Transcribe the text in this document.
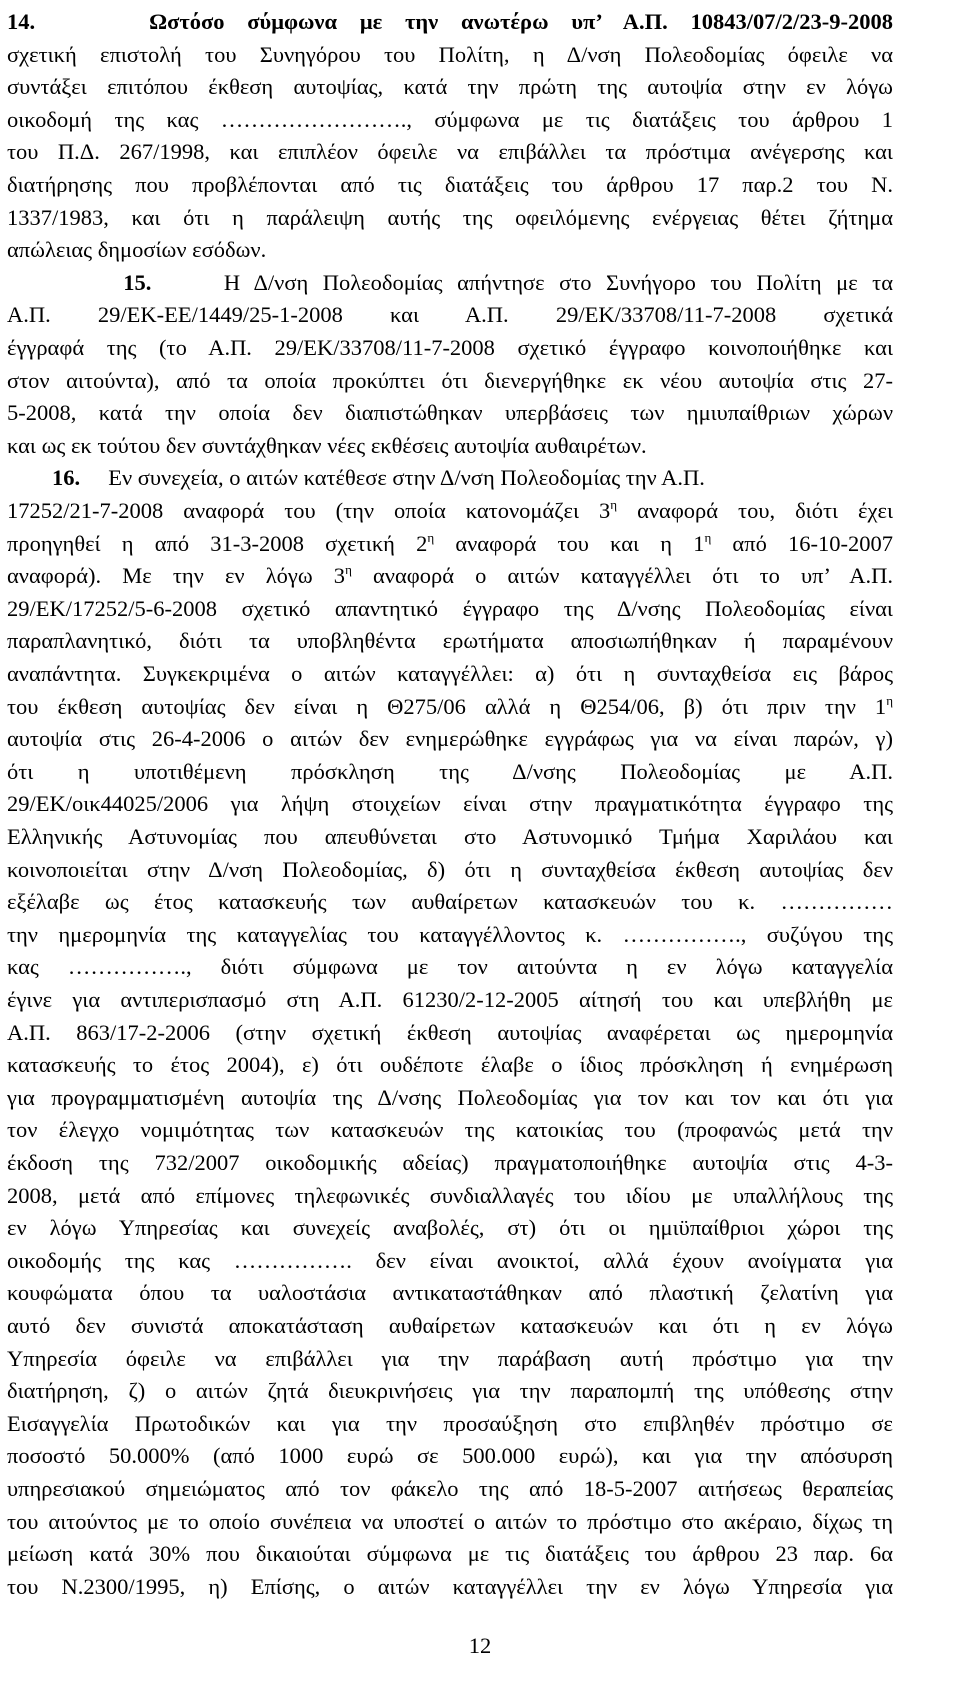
14.     Ωστόσο σύμφωνα με την ανωτέρω υπ’ Α.Π. 10843/07/2/23-9-2008
σχετική επιστολή του Συνηγόρου του Πολίτη, η Δ/νση Πολεοδομίας όφειλε να
συντάξει επιτόπου έκθεση αυτοψίας, κατά την πρώτη της αυτοψία στην εν λόγω
οικοδομή της κας ……………………., σύμφωνα με τις διατάξεις του άρθρου 1
του Π.Δ. 267/1998, και επιπλέον όφειλε να επιβάλλει τα πρόστιμα ανέγερσης και
διατήρησης που προβλέπονται από τις διατάξεις του άρθρου 17 παρ.2 του Ν.
1337/1983, και ότι η παράλειψη αυτής της οφειλόμενης ενέργειας θέτει ζήτημα
απώλειας δημοσίων εσόδων.
15.     Η Δ/νση Πολεοδομίας απήντησε στο Συνήγορο του Πολίτη με τα
Α.Π. 29/ΕΚ-ΕΕ/1449/25-1-2008 και Α.Π. 29/ΕΚ/33708/11-7-2008 σχετικά
έγγραφά της (το Α.Π. 29/ΕΚ/33708/11-7-2008 σχετικό έγγραφο κοινοποιήθηκε και
στον αιτούντα), από τα οποία προκύπτει ότι διενεργήθηκε εκ νέου αυτοψία στις 27-
5-2008, κατά την οποία δεν διαπιστώθηκαν υπερβάσεις των ημιυπαίθριων χώρων
και ως εκ τούτου δεν συντάχθηκαν νέες εκθέσεις αυτοψία αυθαιρέτων.
16.     Εν συνεχεία, ο αιτών κατέθεσε στην Δ/νση Πολεοδομίας την Α.Π.
17252/21-7-2008 αναφορά του (την οποία κατονομάζει $3^\eta$ αναφορά του, διότι έχει
προηγηθεί η από 31-3-2008 σχετική $2^\eta$ αναφορά του και η $1^\eta$ από 16-10-2007
αναφορά). Με την εν λόγω $3^\eta$ αναφορά ο αιτών καταγγέλλει ότι το υπ’ Α.Π.
29/ΕΚ/17252/5-6-2008 σχετικό απαντητικό έγγραφο της Δ/νσης Πολεοδομίας είναι
παραπλανητικό, διότι τα υποβληθέντα ερωτήματα αποσιωπήθηκαν ή παραμένουν
αναπάντητα. Συγκεκριμένα ο αιτών καταγγέλλει: α) ότι η συνταχθείσα εις βάρος
του έκθεση αυτοψίας δεν είναι η Θ275/06 αλλά η Θ254/06, β) ότι πριν την $1^\eta$
αυτοψία στις 26-4-2006 ο αιτών δεν ενημερώθηκε εγγράφως για να είναι παρών, γ)
ότι η υποτιθέμενη πρόσκληση της Δ/νσης Πολεοδομίας με Α.Π.
29/ΕΚ/οικ44025/2006 για λήψη στοιχείων είναι στην πραγματικότητα έγγραφο της
Ελληνικής Αστυνομίας που απευθύνεται στο Αστυνομικό Τμήμα Χαριλάου και
κοινοποιείται στην Δ/νση Πολεοδομίας, δ) ότι η συνταχθείσα έκθεση αυτοψίας δεν
εξέλαβε ως έτος κατασκευής των αυθαίρετων κατασκευών του κ. ……………
την ημερομηνία της καταγγελίας του καταγγέλλοντος κ. ……………., συζύγου της
κας ……………., διότι σύμφωνα με τον αιτούντα η εν λόγω καταγγελία
έγινε για αντιπερισπασμό στη Α.Π. 61230/2-12-2005 αίτησή του και υπεβλήθη με
Α.Π. 863/17-2-2006 (στην σχετική έκθεση αυτοψίας αναφέρεται ως ημερομηνία
κατασκευής το έτος 2004), ε) ότι ουδέποτε έλαβε ο ίδιος πρόσκληση ή ενημέρωση
για προγραμματισμένη αυτοψία της Δ/νσης Πολεοδομίας για τον και τον και ότι για
τον έλεγχο νομιμότητας των κατασκευών της κατοικίας του (προφανώς μετά την
έκδοση της 732/2007 οικοδομικής αδείας) πραγματοποιήθηκε αυτοψία στις 4-3-
2008, μετά από επίμονες τηλεφωνικές συνδιαλλαγές του ιδίου με υπαλλήλους της
εν λόγω Υπηρεσίας και συνεχείς αναβολές, στ) ότι οι ημιϋπαίθριοι χώροι της
οικοδομής της κας ……………. δεν είναι ανοικτοί, αλλά έχουν ανοίγματα για
κουφώματα όπου τα υαλοστάσια αντικαταστάθηκαν από πλαστική ζελατίνη για
αυτό δεν συνιστά αποκατάσταση αυθαίρετων κατασκευών και ότι η εν λόγω
Υπηρεσία όφειλε να επιβάλλει για την παράβαση αυτή πρόστιμο για την
διατήρηση, ζ) ο αιτών ζητά διευκρινήσεις για την παραπομπή της υπόθεσης στην
Εισαγγελία Πρωτοδικών και για την προσαύξηση στο επιβληθέν πρόστιμο σε
ποσοστό 50.000% (από 1000 ευρώ σε 500.000 ευρώ), και για την απόσυρση
υπηρεσιακού σημειώματος από τον φάκελο της από 18-5-2007 αιτήσεως θεραπείας
του αιτούντος με το οποίο συνέπεια να υποστεί ο αιτών το πρόστιμο στο ακέραιο, δίχως τη
μείωση κατά 30% που δικαιούται σύμφωνα με τις διατάξεις του άρθρου 23 παρ. 6α
του Ν.2300/1995, η) Επίσης, ο αιτών καταγγέλλει την εν λόγω Υπηρεσία για
12
